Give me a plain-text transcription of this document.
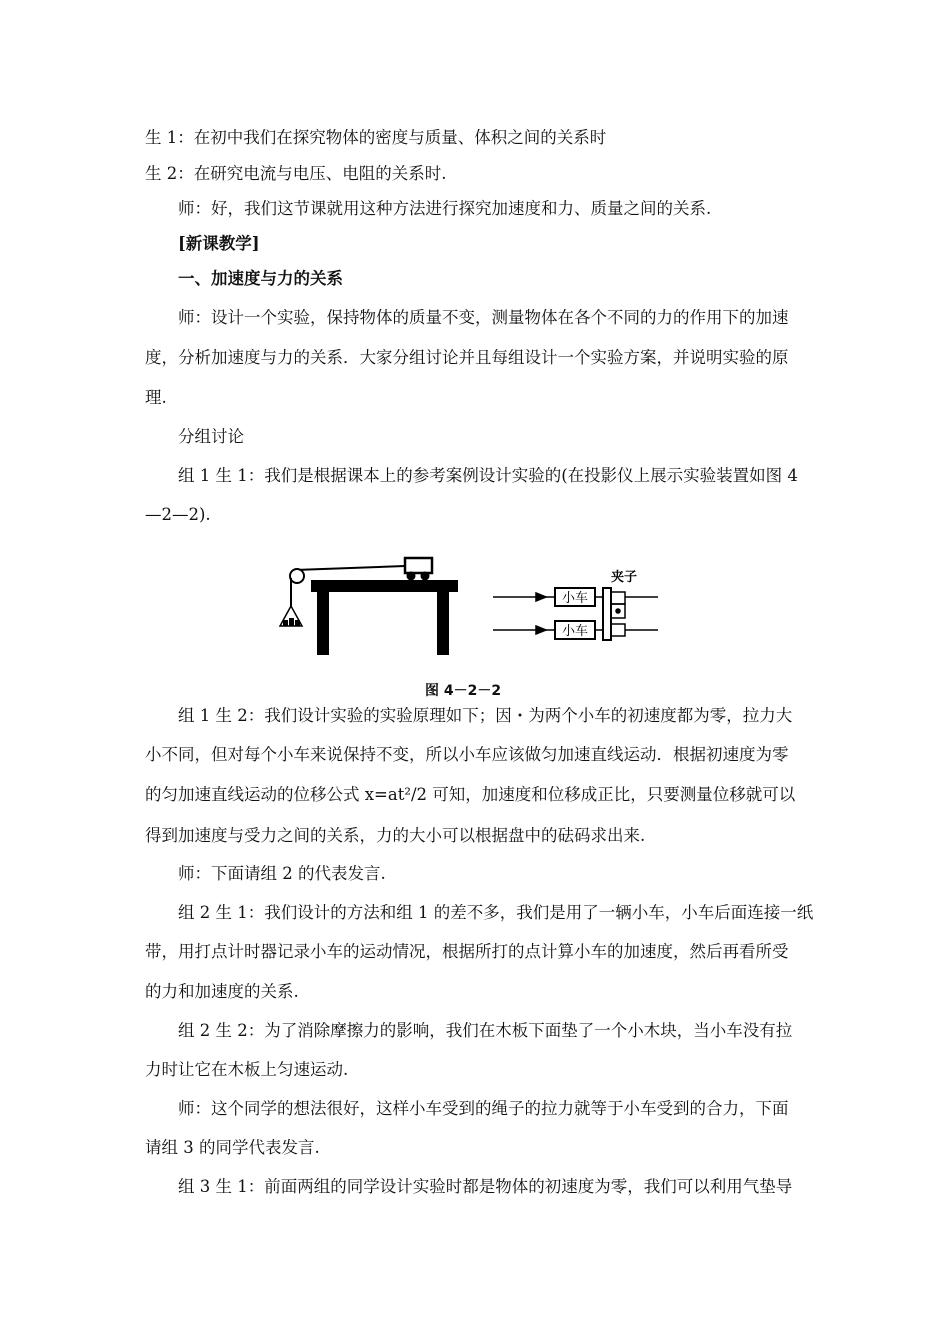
生 1：在初中我们在探究物体的密度与质量、体积之间的关系时
生 2：在研究电流与电压、电阻的关系时.
师：好，我们这节课就用这种方法进行探究加速度和力、质量之间的关系.
[新课教学]
一、加速度与力的关系
师：设计一个实验，保持物体的质量不变，测量物体在各个不同的力的作用下的加速
度，分析加速度与力的关系．大家分组讨论并且每组设计一个实验方案，并说明实验的原
理.
分组讨论
组 1 生 1：我们是根据课本上的参考案例设计实验的(在投影仪上展示实验装置如图 4
—2—2).
小车
小车
夹子
图 4－2－2
组 1 生 2：我们设计实验的实验原理如下；因・为两个小车的初速度都为零，拉力大
小不同，但对每个小车来说保持不变，所以小车应该做匀加速直线运动．根据初速度为零
的匀加速直线运动的位移公式 x=at²/2 可知，加速度和位移成正比，只要测量位移就可以
得到加速度与受力之间的关系，力的大小可以根据盘中的砝码求出来.
师：下面请组 2 的代表发言.
组 2 生 1：我们设计的方法和组 1 的差不多，我们是用了一辆小车，小车后面连接一纸
带，用打点计时器记录小车的运动情况，根据所打的点计算小车的加速度，然后再看所受
的力和加速度的关系.
组 2 生 2：为了消除摩擦力的影响，我们在木板下面垫了一个小木块，当小车没有拉
力时让它在木板上匀速运动.
师：这个同学的想法很好，这样小车受到的绳子的拉力就等于小车受到的合力，下面
请组 3 的同学代表发言.
组 3 生 1：前面两组的同学设计实验时都是物体的初速度为零，我们可以利用气垫导
